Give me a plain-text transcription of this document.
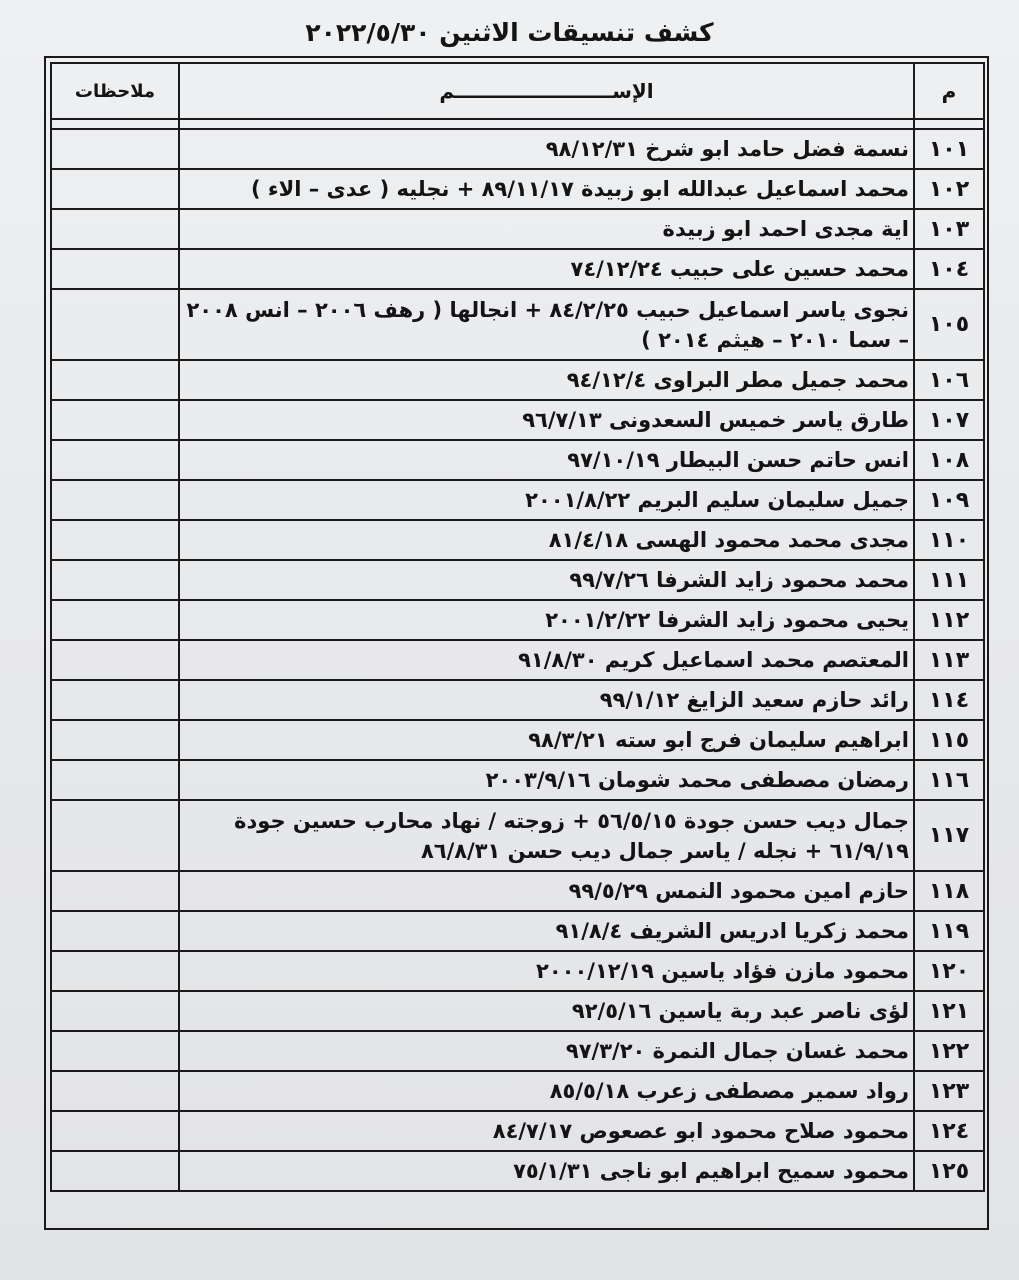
كشف تنسيقات الاثنين ٢٠٢٢/٥/٣٠
م	الإســـــــــــــــــــــــم	ملاحظات

١٠١	نسمة فضل حامد ابو شرخ ٩٨/١٢/٣١	
١٠٢	محمد اسماعيل عبدالله ابو زبيدة ٨٩/١١/١٧ + نجليه ( عدى – الاء )	
١٠٣	اية مجدى احمد ابو زبيدة	
١٠٤	محمد حسين على حبيب ٧٤/١٢/٢٤	
١٠٥	نجوى ياسر اسماعيل حبيب ٨٤/٢/٢٥ + انجالها ( رهف ٢٠٠٦ – انس ٢٠٠٨ – سما ٢٠١٠ – هيثم ٢٠١٤ )	
١٠٦	محمد جميل مطر البراوى ٩٤/١٢/٤	
١٠٧	طارق ياسر خميس السعدونى ٩٦/٧/١٣	
١٠٨	انس حاتم حسن البيطار ٩٧/١٠/١٩	
١٠٩	جميل سليمان سليم البريم ٢٠٠١/٨/٢٢	
١١٠	مجدى محمد محمود الهسى ٨١/٤/١٨	
١١١	محمد محمود زايد الشرفا ٩٩/٧/٢٦	
١١٢	يحيى محمود زايد الشرفا ٢٠٠١/٢/٢٢	
١١٣	المعتصم محمد اسماعيل كريم ٩١/٨/٣٠	
١١٤	رائد حازم سعيد الزايغ ٩٩/١/١٢	
١١٥	ابراهيم سليمان فرج ابو سته ٩٨/٣/٢١	
١١٦	رمضان مصطفى محمد شومان ٢٠٠٣/٩/١٦	
١١٧	جمال ديب حسن جودة ٥٦/٥/١٥ + زوجته / نهاد محارب حسين جودة ٦١/٩/١٩ + نجله / ياسر جمال ديب حسن ٨٦/٨/٣١	
١١٨	حازم امين محمود النمس ٩٩/٥/٢٩	
١١٩	محمد زكريا ادريس الشريف ٩١/٨/٤	
١٢٠	محمود مازن فؤاد ياسين ٢٠٠٠/١٢/١٩	
١٢١	لؤى ناصر عبد ربة ياسين ٩٢/٥/١٦	
١٢٢	محمد غسان جمال النمرة ٩٧/٣/٢٠	
١٢٣	رواد سمير مصطفى زعرب ٨٥/٥/١٨	
١٢٤	محمود صلاح محمود ابو عصعوص ٨٤/٧/١٧	
١٢٥	محمود سميح ابراهيم ابو ناجى ٧٥/١/٣١	
